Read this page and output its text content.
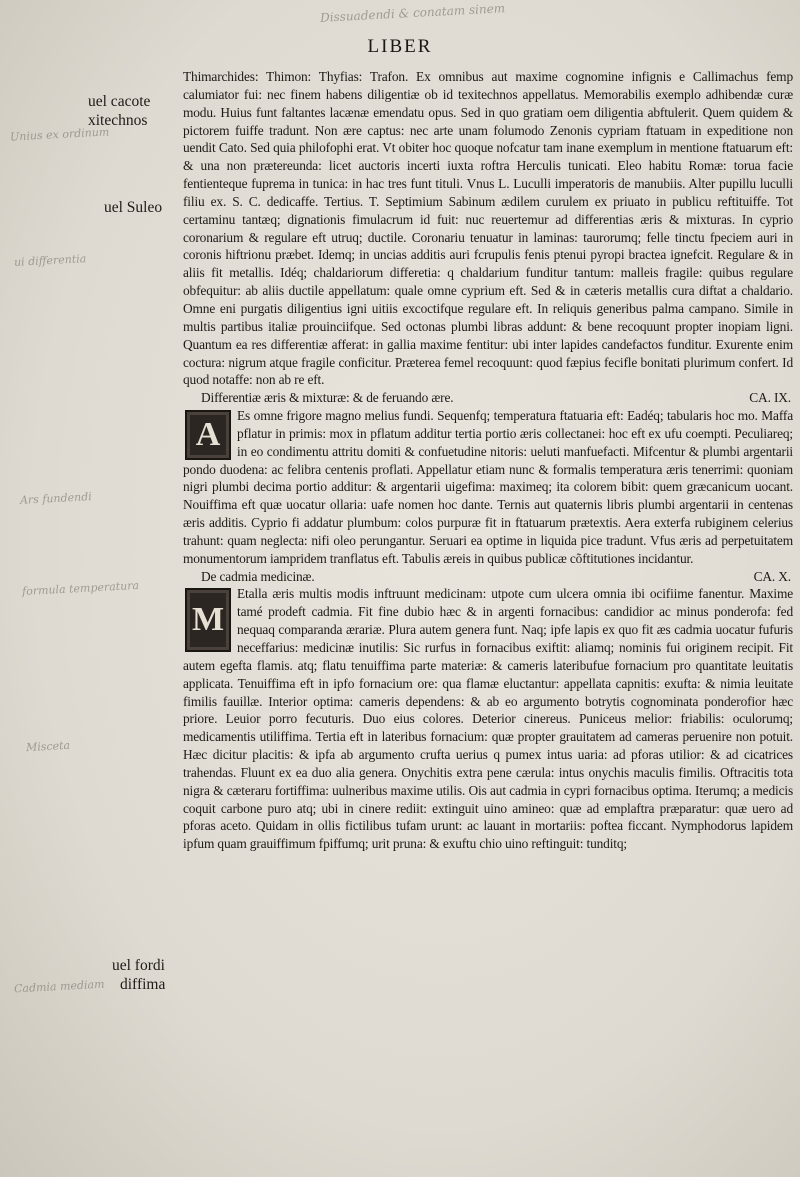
LIBER
uel cacote
xitechnos
uel Suleo
uel fordi
diffima
Dissuadendi & conatam sinem
Unius ex ordinum
ui differentia
Ars fundendi
formula temperatura
Misceta
Cadmia mediam

Thimarchides: Thimon: Thyfias: Trafon. Ex omnibus aut maxime cognomine infignis e Callimachus femp calumiator fui: nec finem habens diligentiæ ob id texitechnos appellatus. Memorabilis exemplo adhibendæ curæ modu. Huius funt faltantes lacænæ emendatu opus. Sed in quo gratiam oem diligentia abftulerit. Quem quidem & pictorem fuiffe tradunt. Non ære captus: nec arte unam folumodo Zenonis cypriam ftatuam in expeditione non uendit Cato. Sed quia philofophi erat. Vt obiter hoc quoque nofcatur tam inane exemplum in mentione ftatuarum eft: & una non prætereunda: licet auctoris incerti iuxta roftra Herculis tunicati. Eleo habitu Romæ: torua facie fentienteque fuprema in tunica: in hac tres funt tituli. Vnus L. Luculli imperatoris de manubiis. Alter pupillu luculli filiu ex. S. C. dedicaffe. Tertius. T. Septimium Sabinum ædilem curulem ex priuato in publicu reftituiffe. Tot certaminu tantæq; dignationis fimulacrum id fuit: nuc reuertemur ad differentias æris & mixturas. In cyprio coronarium & regulare eft utruq; ductile. Coronariu tenuatur in laminas: taurorumq; felle tinctu fpeciem auri in coronis hiftrionu præbet. Idemq; in uncias additis auri fcrupulis fenis ptenui pyropi bractea ignefcit. Regulare & in aliis fit metallis. Idéq; chaldariorum differetia: q chaldarium funditur tantum: malleis fragile: quibus regulare obfequitur: ab aliis ductile appellatum: quale omne cyprium eft. Sed & in cæteris metallis cura diftat a chaldario. Omne eni purgatis diligentius igni uitiis excoctifque regulare eft. In reliquis generibus palma campano. Simile in multis partibus italiæ prouinciifque. Sed octonas plumbi libras addunt: & bene recoquunt propter inopiam ligni. Quantum ea res differentiæ afferat: in gallia maxime fentitur: ubi inter lapides candefactos funditur. Exurente enim coctura: nigrum atque fragile conficitur. Præterea femel recoquunt: quod fæpius fecifle bonitati plurimum confert. Id quod notaffe: non ab re eft.

Differentiæ æris & mixturæ: & de feruando ære.	CA. IX.

A
Es omne frigore magno melius fundi. Sequenfq; temperatura ftatuaria eft: Eadéq; tabularis hoc mo. Maffa pflatur in primis: mox in pflatum additur tertia portio æris collectanei: hoc eft ex ufu coempti. Peculiareq; in eo condimentu attritu domiti & confuetudine nitoris: ueluti manfuefacti. Mifcentur & plumbi argentarii pondo duodena: ac felibra centenis proflati. Appellatur etiam nunc & formalis temperatura æris tenerrimi: quoniam nigri plumbi decima portio additur: & argentarii uigefima: maximeq; ita colorem bibit: quem græcanicum uocant. Nouiffima eft quæ uocatur ollaria: uafe nomen hoc dante. Ternis aut quaternis libris plumbi argentarii in centenas æris additis. Cyprio fi addatur plumbum: colos purpuræ fit in ftatuarum prætextis. Aera exterfa rubiginem celerius trahunt: quam neglecta: nifi oleo perungantur. Seruari ea optime in liquida pice tradunt. Vfus æris ad perpetuitatem monumentorum iampridem tranflatus eft. Tabulis æreis in quibus publicæ cõftitutiones incidantur.

De cadmia medicinæ.	CA. X.

M
Etalla æris multis modis inftruunt medicinam: utpote cum ulcera omnia ibi ocifiime fanentur. Maxime tamé prodeft cadmia. Fit fine dubio hæc & in argenti fornacibus: candidior ac minus ponderofa: fed nequaq comparanda ærariæ. Plura autem genera funt. Naq; ipfe lapis ex quo fit æs cadmia uocatur fufuris neceffarius: medicinæ inutilis: Sic rurfus in fornacibus exiftit: aliamq; nominis fui originem recipit. Fit autem egefta flamis. atq; flatu tenuiffima parte materiæ: & cameris lateribufue fornacium pro quantitate leuitatis applicata. Tenuiffima eft in ipfo fornacium ore: qua flamæ eluctantur: appellata capnitis: exufta: & nimia leuitate fimilis fauillæ. Interior optima: cameris dependens: & ab eo argumento botrytis cognominata ponderofior hæc priore. Leuior porro fecuturis. Duo eius colores. Deterior cinereus. Puniceus melior: friabilis: oculorumq; medicamentis utiliffima. Tertia eft in lateribus fornacium: quæ propter grauitatem ad cameras peruenire non potuit. Hæc dicitur placitis: & ipfa ab argumento crufta uerius q pumex intus uaria: ad pforas utilior: & ad cicatrices trahendas. Fluunt ex ea duo alia genera. Onychitis extra pene cærula: intus onychis maculis fimilis. Oftracitis tota nigra & cæteraru fortiffima: uulneribus maxime utilis. Ois aut cadmia in cypri fornacibus optima. Iterumq; a medicis coquit carbone puro atq; ubi in cinere rediit: extinguit uino amineo: quæ ad emplaftra præparatur: quæ uero ad pforas aceto. Quidam in ollis fictilibus tufam urunt: ac lauant in mortariis: poftea ficcant. Nymphodorus lapidem ipfum quam grauiffimum fpiffumq; urit pruna: & exuftu chio uino reftinguit: tunditq;
